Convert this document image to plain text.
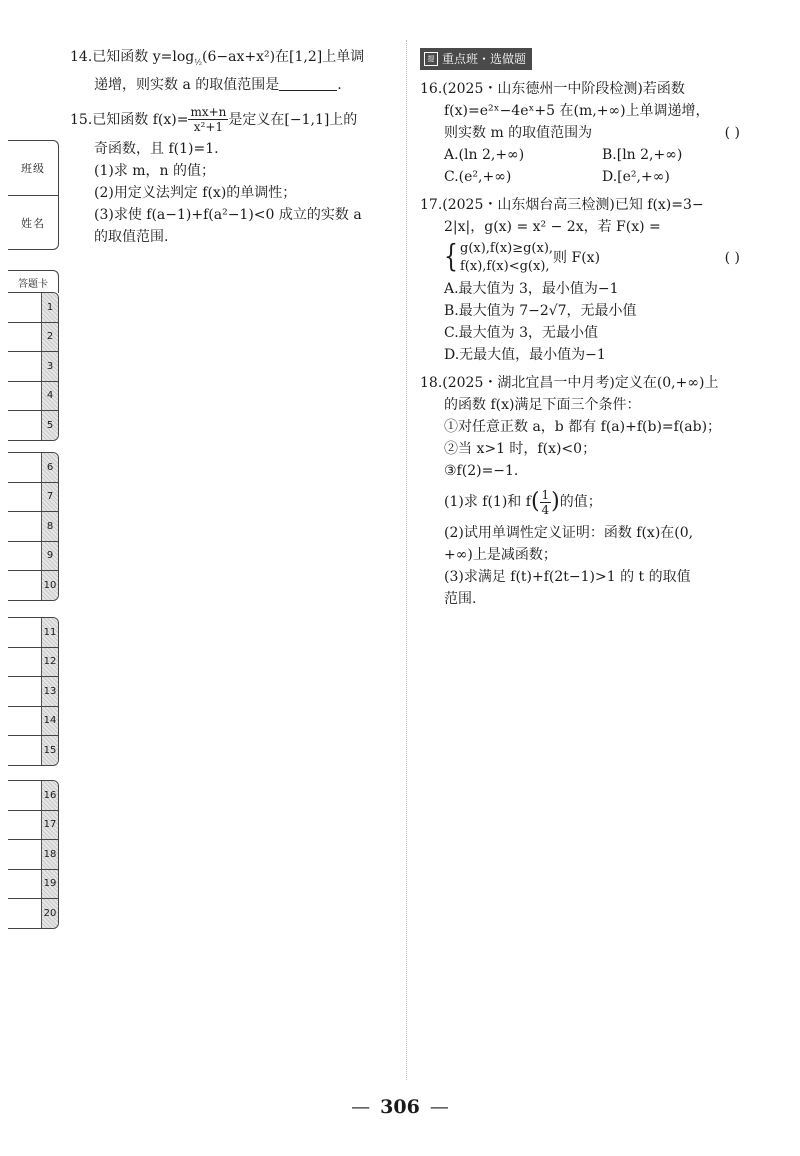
班级
姓名
答题卡
1
2
3
4
5
6
7
8
9
10
11
12
13
14
15
16
17
18
19
20
14.已知函数 $y=\log_{\frac{1}{2}}(6-ax+x^2)$在[1,2]上单调
递增，则实数 a 的取值范围是	.
15.已知函数 $f(x)= \frac{mx+n}{\text{x²+1}}$ 是定义在[−1,1]上的
奇函数，且 f(1)=1.
(1)求 m，n 的值；
(2)用定义法判定 f(x)的单调性；
(3)求使 f(a−1)+f(a²−1)<0 成立的实数 a
的取值范围.
提 重点班・选做题
16.(2025・山东德州一中阶段检测)若函数
f(x)=e²ˣ−4eˣ+5 在(m,+∞)上单调递增，
则实数 m 的取值范围为	( )
A.(ln 2,+∞)	B.[ln 2,+∞)
C.(e²,+∞)	D.[e²,+∞)
17.(2025・山东烟台高三检测)已知 f(x)=3−
2|x|，g(x) = x² − 2x，若 F(x) =
{ g(x),f(x)≥g(x),
f(x),f(x)<g(x),则 F(x)	( )
A.最大值为 3，最小值为−1
B.最大值为 7−2√7，无最小值
C.最大值为 3，无最小值
D.无最大值，最小值为−1
18.(2025・湖北宜昌一中月考)定义在(0,+∞)上
的函数 f(x)满足下面三个条件：
①对任意正数 a，b 都有 f(a)+f(b)=f(ab)；
②当 x>1 时，f(x)<0；
③f(2)=−1.
(1)求 f(1)和 $f( \frac{1}{4}$ )的值；
(2)试用单调性定义证明：函数 f(x)在(0,
+∞)上是减函数；
(3)求满足 f(t)+f(2t−1)>1 的 t 的取值
范围.
— 306 —
